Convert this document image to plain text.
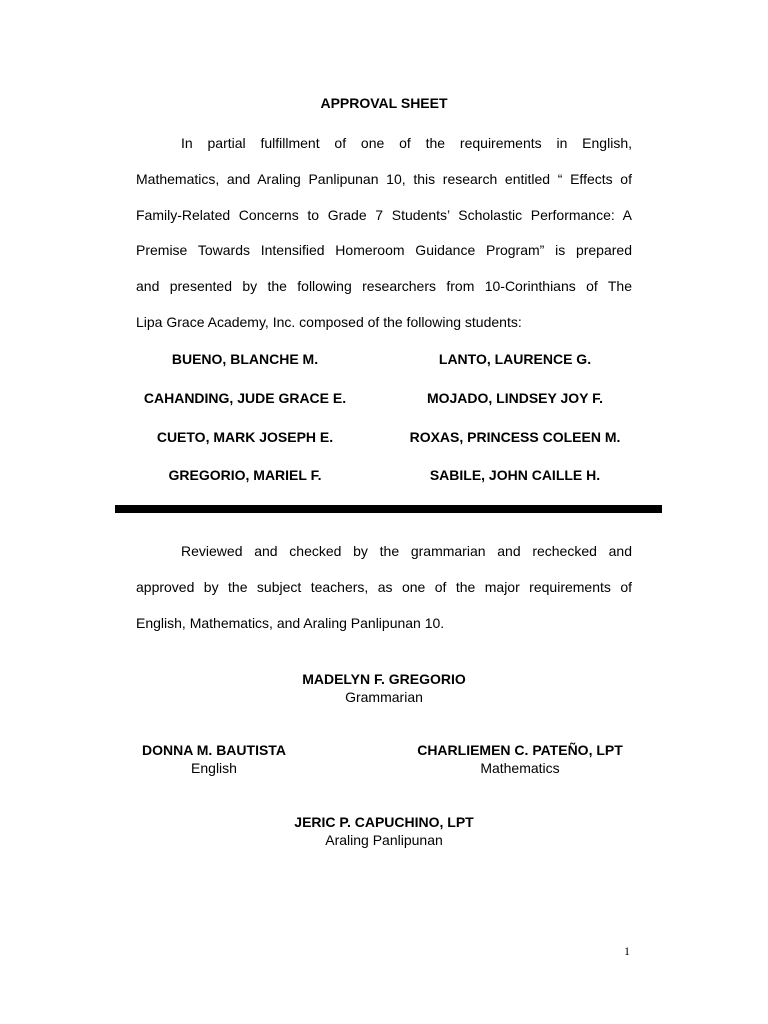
APPROVAL SHEET

In partial fulfillment of one of the requirements in English,
Mathematics, and Araling Panlipunan 10, this research entitled “ Effects of
Family-Related Concerns to Grade 7 Students’ Scholastic Performance: A
Premise Towards Intensified Homeroom Guidance Program” is prepared
and presented by the following researchers from 10-Corinthians of The
Lipa Grace Academy, Inc. composed of the following students:

BUENO, BLANCHE M.	LANTO, LAURENCE G.
CAHANDING, JUDE GRACE E.	MOJADO, LINDSEY JOY F.
CUETO, MARK JOSEPH E.	ROXAS, PRINCESS COLEEN M.
GREGORIO, MARIEL F.	SABILE, JOHN CAILLE H.

Reviewed and checked by the grammarian and rechecked and
approved by the subject teachers, as one of the major requirements of
English, Mathematics, and Araling Panlipunan 10.

MADELYN F. GREGORIO
Grammarian
DONNA M. BAUTISTA
English
CHARLIEMEN C. PATEÑO, LPT
Mathematics
JERIC P. CAPUCHINO, LPT
Araling Panlipunan
1
